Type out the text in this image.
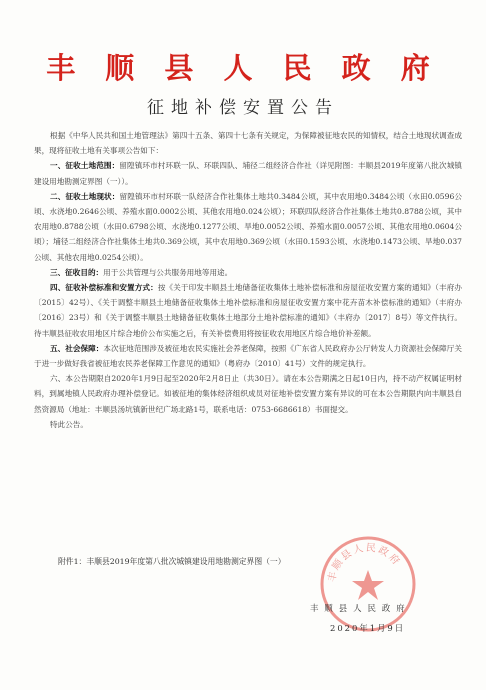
丰 顺 县 人 民 政 府
征地补偿安置公告

根据《中华人民共和国土地管理法》第四十五条、第四十七条有关规定，为保障被征地农民的知情权，结合土地现状调查成果，现将征收土地有关事项公告如下：

一、征收土地范围：留隍镇环市村环联一队、环联四队、埔径二组经济合作社（详见附图：丰顺县2019年度第八批次城镇建设用地勘测定界图（一））。

二、征收土地现状：留隍镇环市村环联一队经济合作社集体土地共0.3484公顷，其中农用地0.3484公顷（水田0.0596公顷、水浇地0.2646公顷、养殖水面0.0002公顷、其他农用地0.024公顷）；环联四队经济合作社集体土地共0.8788公顷，其中农用地0.8788公顷（水田0.6798公顷、水浇地0.1277公顷、旱地0.0052公顷、养殖水面0.0057公顷、其他农用地0.0604公顷）；埔径二组经济合作社集体土地共0.369公顷，其中农用地0.369公顷（水田0.1593公顷、水浇地0.1473公顷、旱地0.037公顷、其他农用地0.0254公顷）。

三、征收目的：用于公共管理与公共服务用地等用途。

四、征收补偿标准和安置方式：按《关于印发丰顺县土地储备征收集体土地补偿标准和房屋征收安置方案的通知》（丰府办〔2015〕42号）、《关于调整丰顺县土地储备征收集体土地补偿标准和房屋征收安置方案中花卉苗木补偿标准的通知》（丰府办〔2016〕23号）和《关于调整丰顺县土地储备征收集体土地部分土地补偿标准的通知》（丰府办〔2017〕8号）等文件执行。待丰顺县征收农用地区片综合地价公布实施之后，有关补偿费用将按征收农用地区片综合地价补差额。

五、社会保障：本次征地范围涉及被征地农民实施社会养老保障，按照《广东省人民政府办公厅转发人力资源社会保障厅关于进一步做好我省被征地农民养老保障工作意见的通知》（粤府办〔2010〕41号）文件的规定执行。

六、本公告期限自2020年1月9日起至2020年2月8日止（共30日）。请在本公告期满之日起10日内，持不动产权属证明材料，到属地镇人民政府办理补偿登记。如被征地的集体经济组织成员对征地补偿安置方案有异议的可在本公告期限内向丰顺县自然资源局（地址：丰顺县汤坑镇新世纪广场北路1号，联系电话：0753-6686618）书面提交。

特此公告。

附件1：丰顺县2019年度第八批次城镇建设用地勘测定界图（一）
丰顺县人民政府
丰顺县人民政府
2020年1月9日
